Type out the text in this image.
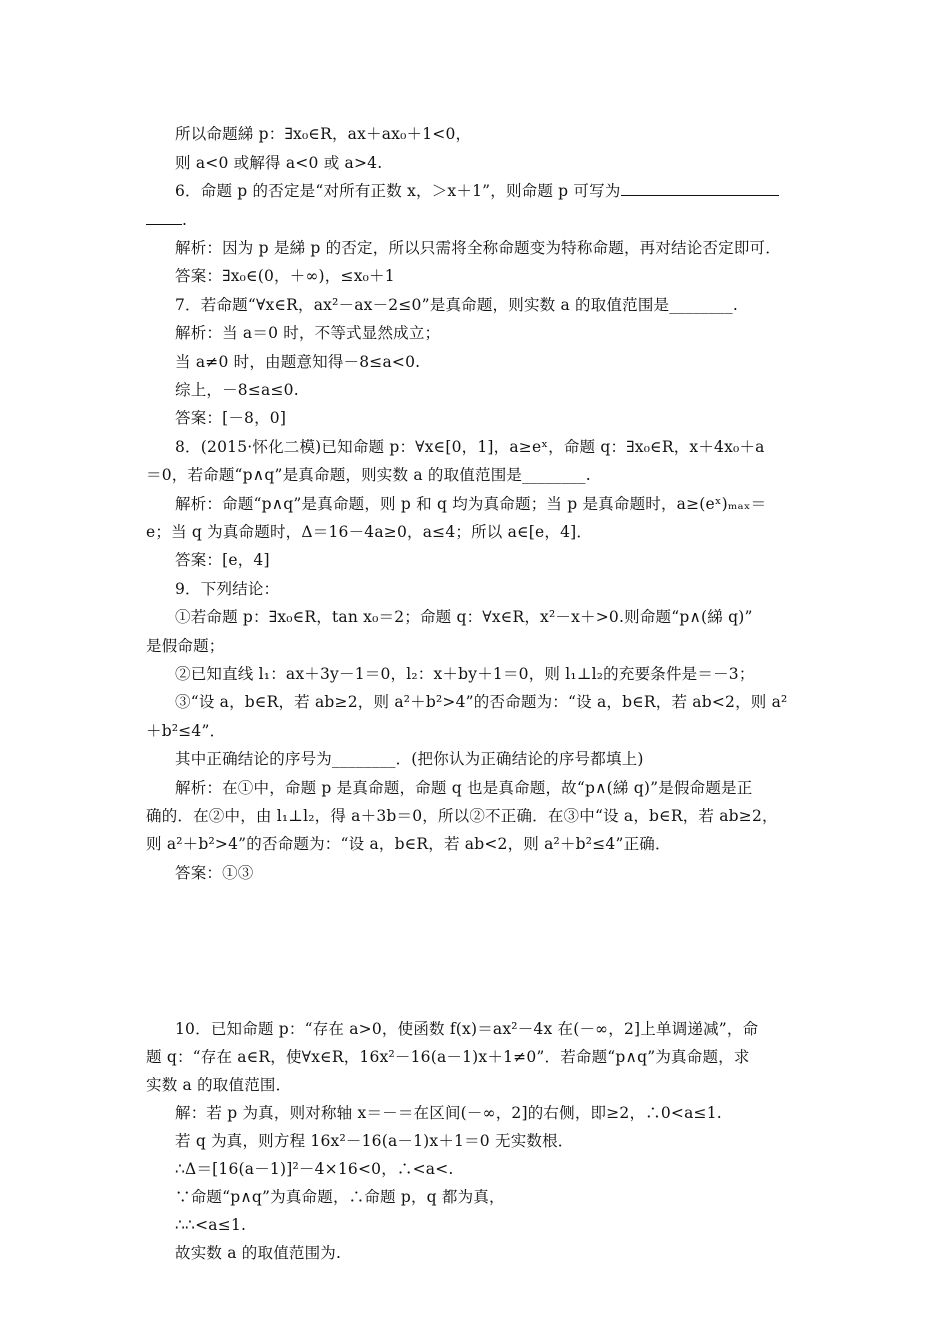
所以命题綈 p：∃x₀∈R，ax＋ax₀＋1<0，
则 a<0 或解得 a<0 或 a>4.
6．命题 p 的否定是“对所有正数 x，＞x＋1”，则命题 p 可写为
.
解析：因为 p 是綈 p 的否定，所以只需将全称命题变为特称命题，再对结论否定即可．
答案：∃x₀∈(0，＋∞)，≤x₀＋1
7．若命题“∀x∈R，ax²－ax－2≤0”是真命题，则实数 a 的取值范围是________.
解析：当 a＝0 时，不等式显然成立；
当 a≠0 时，由题意知得－8≤a<0.
综上，－8≤a≤0.
答案：[－8，0]
8．(2015·怀化二模)已知命题 p：∀x∈[0，1]，a≥eˣ，命题 q：∃x₀∈R，x＋4x₀＋a
＝0，若命题“p∧q”是真命题，则实数 a 的取值范围是________.
解析：命题“p∧q”是真命题，则 p 和 q 均为真命题；当 p 是真命题时，a≥(eˣ)ₘₐₓ＝
e；当 q 为真命题时，Δ＝16－4a≥0，a≤4；所以 a∈[e，4]．
答案：[e，4]
9．下列结论：
①若命题 p：∃x₀∈R，tan x₀＝2；命题 q：∀x∈R，x²－x＋>0.则命题“p∧(綈 q)”
是假命题；
②已知直线 l₁：ax＋3y－1＝0，l₂：x＋by＋1＝0，则 l₁⊥l₂的充要条件是＝－3；
③“设 a，b∈R，若 ab≥2，则 a²＋b²>4”的否命题为：“设 a，b∈R，若 ab<2，则 a²
＋b²≤4”．
其中正确结论的序号为________．(把你认为正确结论的序号都填上)
解析：在①中，命题 p 是真命题，命题 q 也是真命题，故“p∧(綈 q)”是假命题是正
确的．在②中，由 l₁⊥l₂，得 a＋3b＝0，所以②不正确．在③中“设 a，b∈R，若 ab≥2，
则 a²＋b²>4”的否命题为：“设 a，b∈R，若 ab<2，则 a²＋b²≤4”正确．
答案：①③
10．已知命题 p：“存在 a>0，使函数 f(x)＝ax²－4x 在(－∞，2]上单调递减”，命
题 q：“存在 a∈R，使∀x∈R，16x²－16(a－1)x＋1≠0”．若命题“p∧q”为真命题，求
实数 a 的取值范围．
解：若 p 为真，则对称轴 x＝－＝在区间(－∞，2]的右侧，即≥2，∴0<a≤1.
若 q 为真，则方程 16x²－16(a－1)x＋1＝0 无实数根．
∴Δ＝[16(a－1)]²－4×16<0，∴<a<.
∵命题“p∧q”为真命题，∴命题 p，q 都为真，
∴∴<a≤1.
故实数 a 的取值范围为.
